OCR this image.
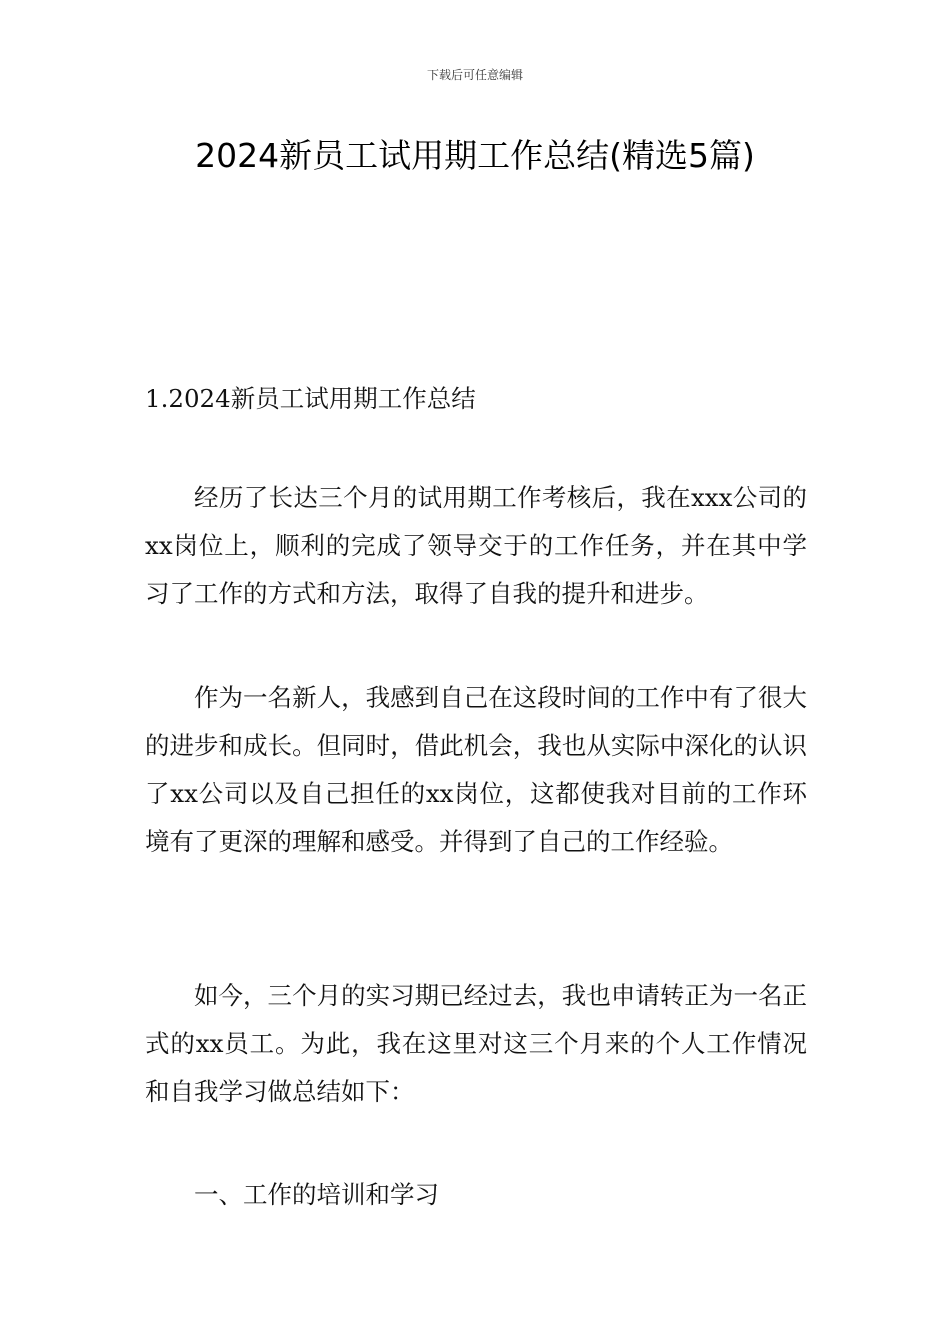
下载后可任意编辑
2024新员工试用期工作总结(精选5篇)
1.2024新员工试用期工作总结

经历了长达三个月的试用期工作考核后，我在xxx公司的xx岗位上，顺利的完成了领导交于的工作任务，并在其中学习了工作的方式和方法，取得了自我的提升和进步。

作为一名新人，我感到自己在这段时间的工作中有了很大的进步和成长。但同时，借此机会，我也从实际中深化的认识了xx公司以及自己担任的xx岗位，这都使我对目前的工作环境有了更深的理解和感受。并得到了自己的工作经验。

如今，三个月的实习期已经过去，我也申请转正为一名正式的xx员工。为此，我在这里对这三个月来的个人工作情况和自我学习做总结如下：

一、工作的培训和学习
